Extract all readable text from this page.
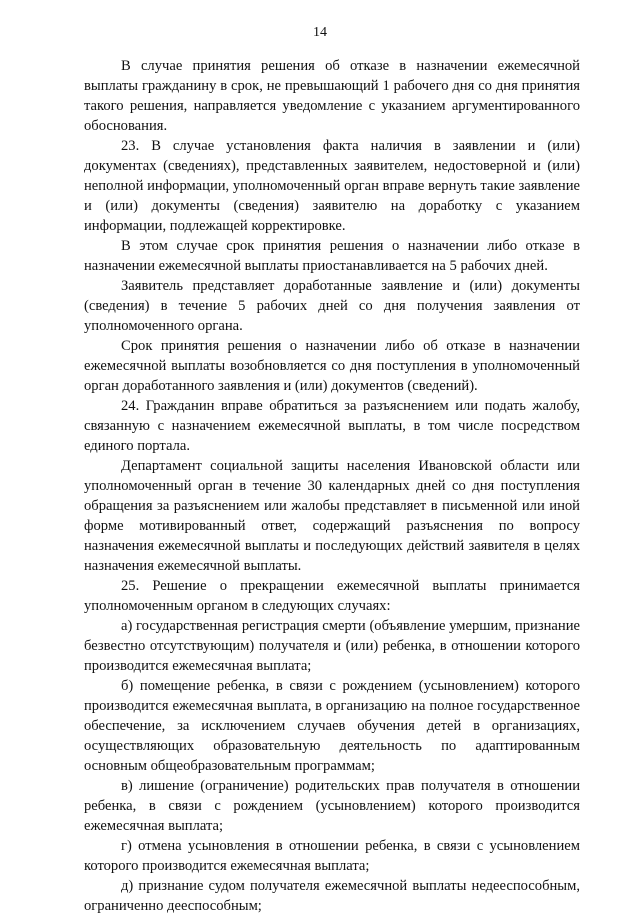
14

В случае принятия решения об отказе в назначении ежемесячной выплаты гражданину в срок, не превышающий 1 рабочего дня со дня принятия такого решения, направляется уведомление с указанием аргументированного обоснования.

23. В случае установления факта наличия в заявлении и (или) документах (сведениях), представленных заявителем, недостоверной и (или) неполной информации, уполномоченный орган вправе вернуть такие заявление и (или) документы (сведения) заявителю на доработку с указанием информации, подлежащей корректировке.

В этом случае срок принятия решения о назначении либо отказе в назначении ежемесячной выплаты приостанавливается на 5 рабочих дней.

Заявитель представляет доработанные заявление и (или) документы (сведения) в течение 5 рабочих дней со дня получения заявления от уполномоченного органа.

Срок принятия решения о назначении либо об отказе в назначении ежемесячной выплаты возобновляется со дня поступления в уполномоченный орган доработанного заявления и (или) документов (сведений).

24. Гражданин вправе обратиться за разъяснением или подать жалобу, связанную с назначением ежемесячной выплаты, в том числе посредством единого портала.

Департамент социальной защиты населения Ивановской области или уполномоченный орган в течение 30 календарных дней со дня поступления обращения за разъяснением или жалобы представляет в письменной или иной форме мотивированный ответ, содержащий разъяснения по вопросу назначения ежемесячной выплаты и последующих действий заявителя в целях назначения ежемесячной выплаты.

25. Решение о прекращении ежемесячной выплаты принимается уполномоченным органом в следующих случаях:

а) государственная регистрация смерти (объявление умершим, признание безвестно отсутствующим) получателя и (или) ребенка, в отношении которого производится ежемесячная выплата;

б) помещение ребенка, в связи с рождением (усыновлением) которого производится ежемесячная выплата, в организацию на полное государственное обеспечение, за исключением случаев обучения детей в организациях, осуществляющих образовательную деятельность по адаптированным основным общеобразовательным программам;

в) лишение (ограничение) родительских прав получателя в отношении ребенка, в связи с рождением (усыновлением) которого производится ежемесячная выплата;

г) отмена усыновления в отношении ребенка, в связи с усыновлением которого производится ежемесячная выплата;

д) признание судом получателя ежемесячной выплаты недееспособным, ограниченно дееспособным;
